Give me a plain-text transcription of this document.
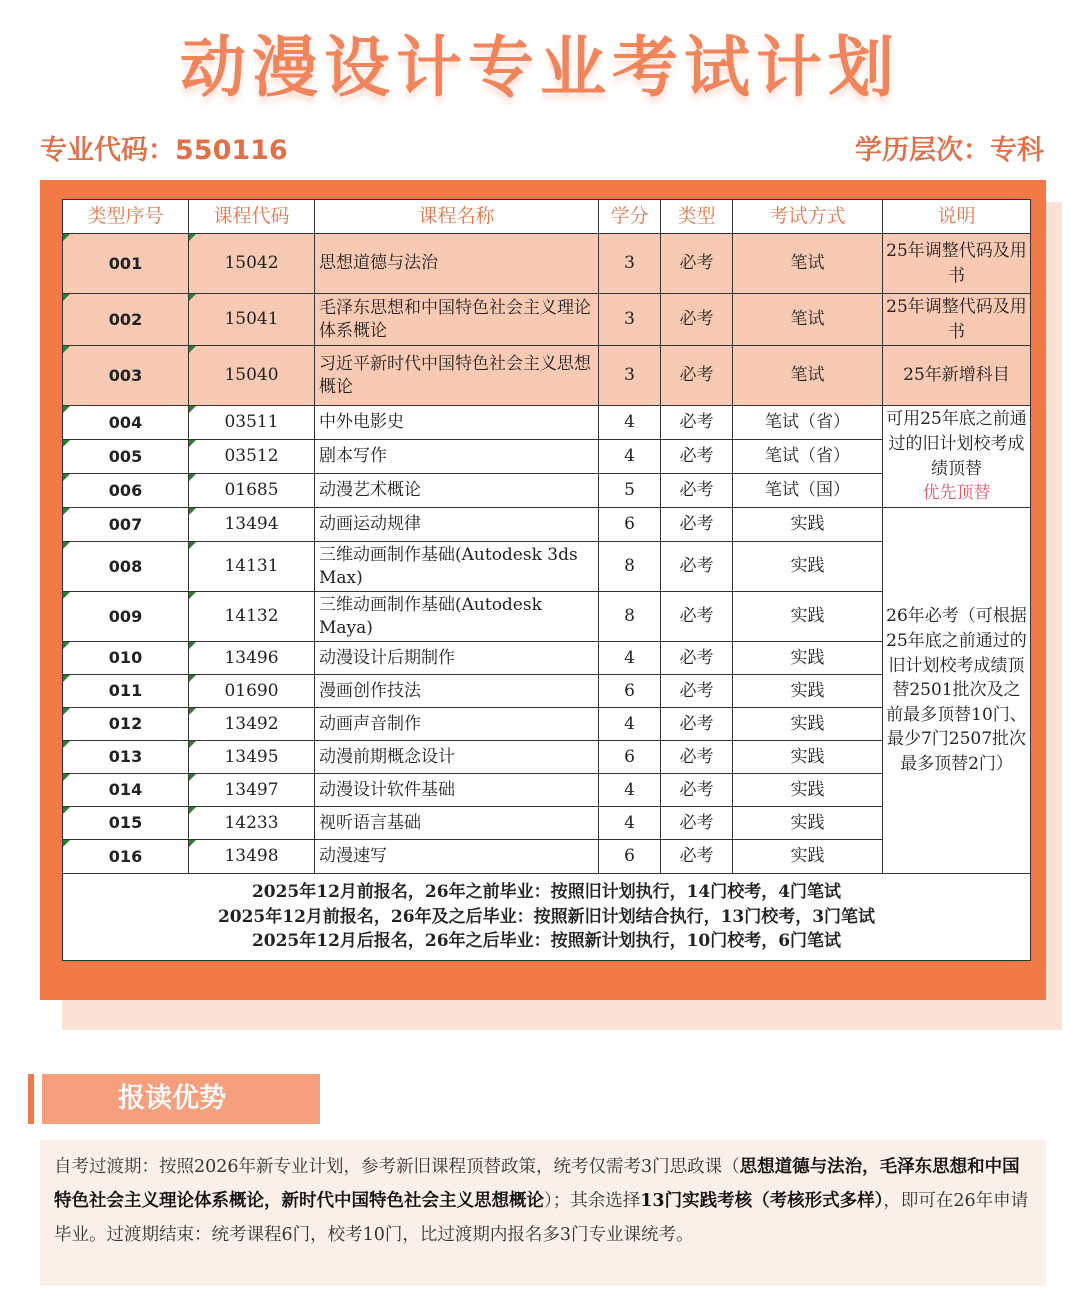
动漫设计专业考试计划
专业代码：550116	学历层次：专科
类型序号	课程代码	课程名称	学分	类型	考试方式	说明
001	15042	思想道德与法治	3	必考	笔试	25年调整代码及用书
002	15041	毛泽东思想和中国特色社会主义理论体系概论	3	必考	笔试	25年调整代码及用书
003	15040	习近平新时代中国特色社会主义思想概论	3	必考	笔试	25年新增科目
004	03511	中外电影史	4	必考	笔试（省）	可用25年底之前通过的旧计划校考成绩顶替
优先顶替
005	03512	剧本写作	4	必考	笔试（省）	
006	01685	动漫艺术概论	5	必考	笔试（国）	
007	13494	动画运动规律	6	必考	实践	26年必考（可根据25年底之前通过的旧计划校考成绩顶替2501批次及之前最多顶替10门、最少7门2507批次最多顶替2门）
008	14131	三维动画制作基础(Autodesk 3ds Max)	8	必考	实践	
009	14132	三维动画制作基础(Autodesk Maya)	8	必考	实践	
010	13496	动漫设计后期制作	4	必考	实践	
011	01690	漫画创作技法	6	必考	实践	
012	13492	动画声音制作	4	必考	实践	
013	13495	动漫前期概念设计	6	必考	实践	
014	13497	动漫设计软件基础	4	必考	实践	
015	14233	视听语言基础	4	必考	实践	
016	13498	动漫速写	6	必考	实践	

2025年12月前报名，26年之前毕业：按照旧计划执行，14门校考，4门笔试
2025年12月前报名，26年及之后毕业：按照新旧计划结合执行，13门校考，3门笔试
2025年12月后报名，26年之后毕业：按照新计划执行，10门校考，6门笔试						
报读优势
自考过渡期：按照2026年新专业计划，参考新旧课程顶替政策，统考仅需考3门思政课（思想道德与法治，毛泽东思想和中国特色社会主义理论体系概论，新时代中国特色社会主义思想概论）；其余选择13门实践考核（考核形式多样），即可在26年申请毕业。过渡期结束：统考课程6门，校考10门，比过渡期内报名多3门专业课统考。
